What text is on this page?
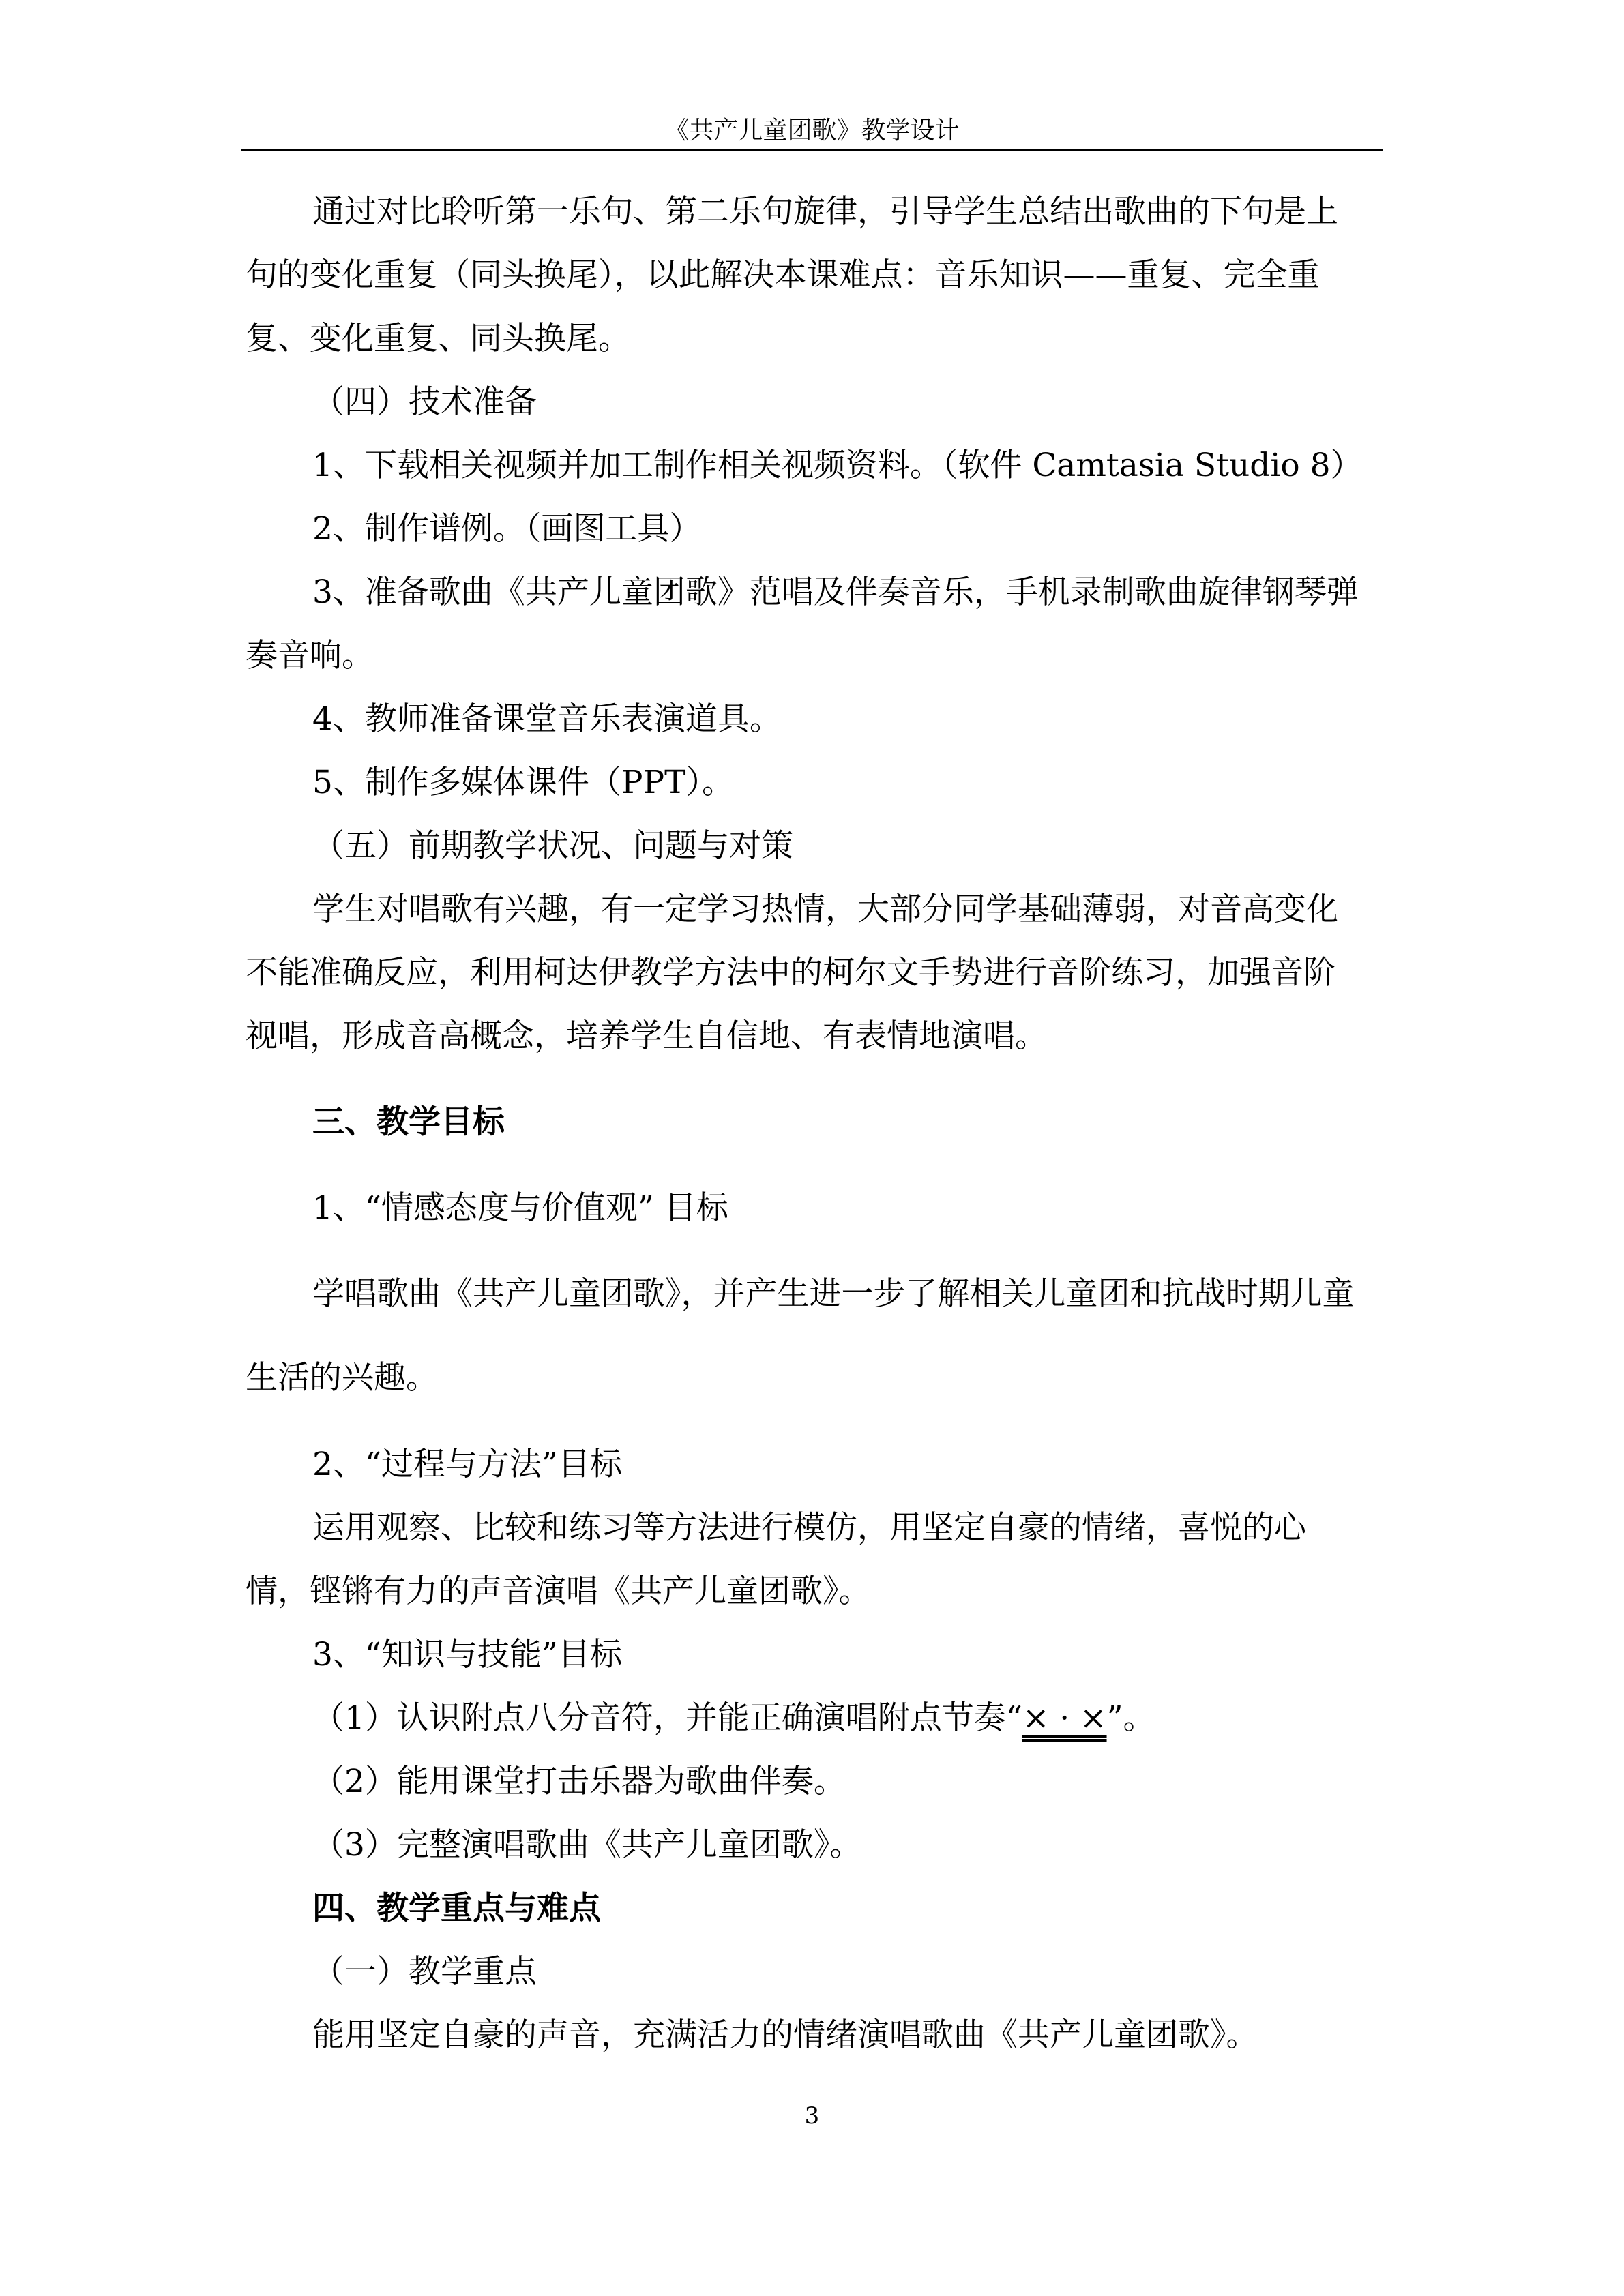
《共产儿童团歌》教学设计
通过对比聆听第一乐句、第二乐句旋律，引导学生总结出歌曲的下句是上
句的变化重复（同头换尾），以此解决本课难点：音乐知识——重复、完全重
复、变化重复、同头换尾。
（四）技术准备
1、下载相关视频并加工制作相关视频资料。（软件 Camtasia Studio 8）
2、制作谱例。（画图工具）
3、准备歌曲《共产儿童团歌》范唱及伴奏音乐，手机录制歌曲旋律钢琴弹
奏音响。
4、教师准备课堂音乐表演道具。
5、制作多媒体课件（PPT）。
（五）前期教学状况、问题与对策
学生对唱歌有兴趣，有一定学习热情，大部分同学基础薄弱，对音高变化
不能准确反应，利用柯达伊教学方法中的柯尔文手势进行音阶练习，加强音阶
视唱，形成音高概念，培养学生自信地、有表情地演唱。
三、教学目标
1、“情感态度与价值观” 目标
学唱歌曲《共产儿童团歌》，并产生进一步了解相关儿童团和抗战时期儿童
生活的兴趣。
2、“过程与方法”目标
运用观察、比较和练习等方法进行模仿，用坚定自豪的情绪，喜悦的心
情，铿锵有力的声音演唱《共产儿童团歌》。
3、“知识与技能”目标
（1）认识附点八分音符，并能正确演唱附点节奏“× · ×”。
（2）能用课堂打击乐器为歌曲伴奏。
（3）完整演唱歌曲《共产儿童团歌》。
四、教学重点与难点
（一）教学重点
能用坚定自豪的声音，充满活力的情绪演唱歌曲《共产儿童团歌》。
3
